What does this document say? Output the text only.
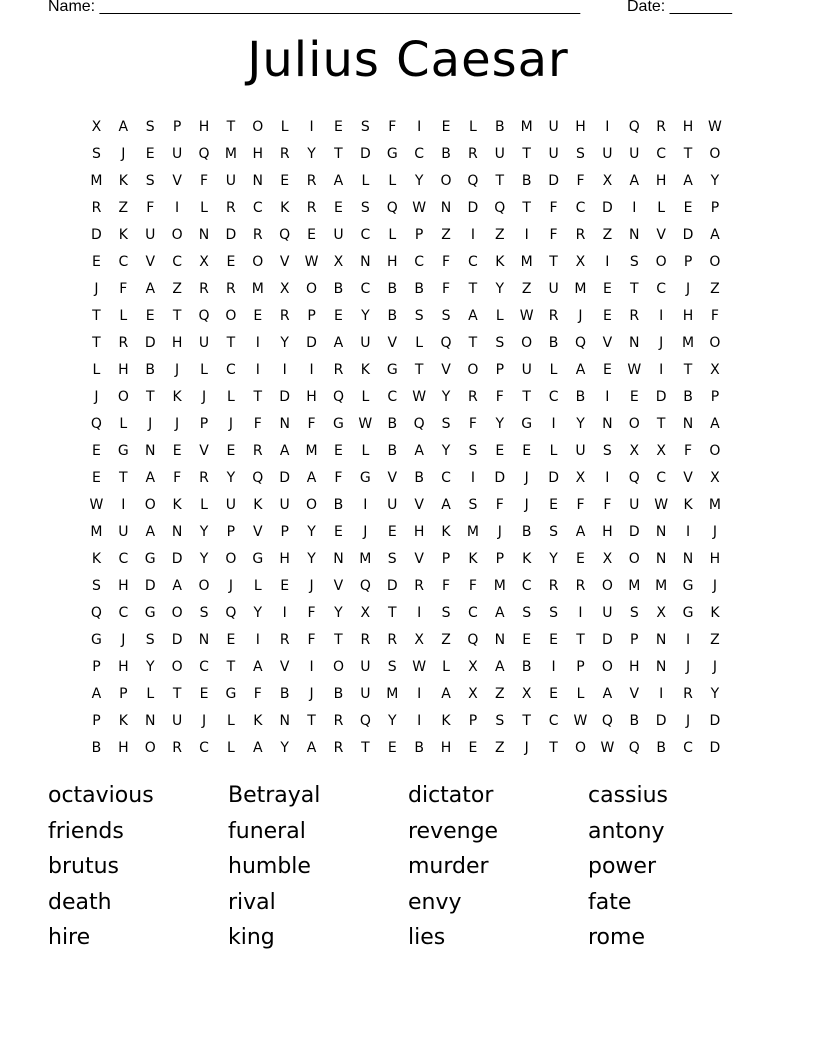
Name: ______________________________________________________	Date: _______
Julius Caesar
X	A	S	P	H	T	O	L	I	E	S	F	I	E	L	B	M	U	H	I	Q	R	H	W
S	J	E	U	Q	M	H	R	Y	T	D	G	C	B	R	U	T	U	S	U	U	C	T	O
M	K	S	V	F	U	N	E	R	A	L	L	Y	O	Q	T	B	D	F	X	A	H	A	Y
R	Z	F	I	L	R	C	K	R	E	S	Q	W	N	D	Q	T	F	C	D	I	L	E	P
D	K	U	O	N	D	R	Q	E	U	C	L	P	Z	I	Z	I	F	R	Z	N	V	D	A
E	C	V	C	X	E	O	V	W	X	N	H	C	F	C	K	M	T	X	I	S	O	P	O
J	F	A	Z	R	R	M	X	O	B	C	B	B	F	T	Y	Z	U	M	E	T	C	J	Z
T	L	E	T	Q	O	E	R	P	E	Y	B	S	S	A	L	W	R	J	E	R	I	H	F
T	R	D	H	U	T	I	Y	D	A	U	V	L	Q	T	S	O	B	Q	V	N	J	M	O
L	H	B	J	L	C	I	I	I	R	K	G	T	V	O	P	U	L	A	E	W	I	T	X
J	O	T	K	J	L	T	D	H	Q	L	C	W	Y	R	F	T	C	B	I	E	D	B	P
Q	L	J	J	P	J	F	N	F	G	W	B	Q	S	F	Y	G	I	Y	N	O	T	N	A
E	G	N	E	V	E	R	A	M	E	L	B	A	Y	S	E	E	L	U	S	X	X	F	O
E	T	A	F	R	Y	Q	D	A	F	G	V	B	C	I	D	J	D	X	I	Q	C	V	X
W	I	O	K	L	U	K	U	O	B	I	U	V	A	S	F	J	E	F	F	U	W	K	M
M	U	A	N	Y	P	V	P	Y	E	J	E	H	K	M	J	B	S	A	H	D	N	I	J
K	C	G	D	Y	O	G	H	Y	N	M	S	V	P	K	P	K	Y	E	X	O	N	N	H
S	H	D	A	O	J	L	E	J	V	Q	D	R	F	F	M	C	R	R	O	M	M	G	J
Q	C	G	O	S	Q	Y	I	F	Y	X	T	I	S	C	A	S	S	I	U	S	X	G	K
G	J	S	D	N	E	I	R	F	T	R	R	X	Z	Q	N	E	E	T	D	P	N	I	Z
P	H	Y	O	C	T	A	V	I	O	U	S	W	L	X	A	B	I	P	O	H	N	J	J
A	P	L	T	E	G	F	B	J	B	U	M	I	A	X	Z	X	E	L	A	V	I	R	Y
P	K	N	U	J	L	K	N	T	R	Q	Y	I	K	P	S	T	C	W	Q	B	D	J	D
B	H	O	R	C	L	A	Y	A	R	T	E	B	H	E	Z	J	T	O	W	Q	B	C	D
octavious	Betrayal	dictator	cassius
friends	funeral	revenge	antony
brutus	humble	murder	power
death	rival	envy	fate
hire	king	lies	rome
